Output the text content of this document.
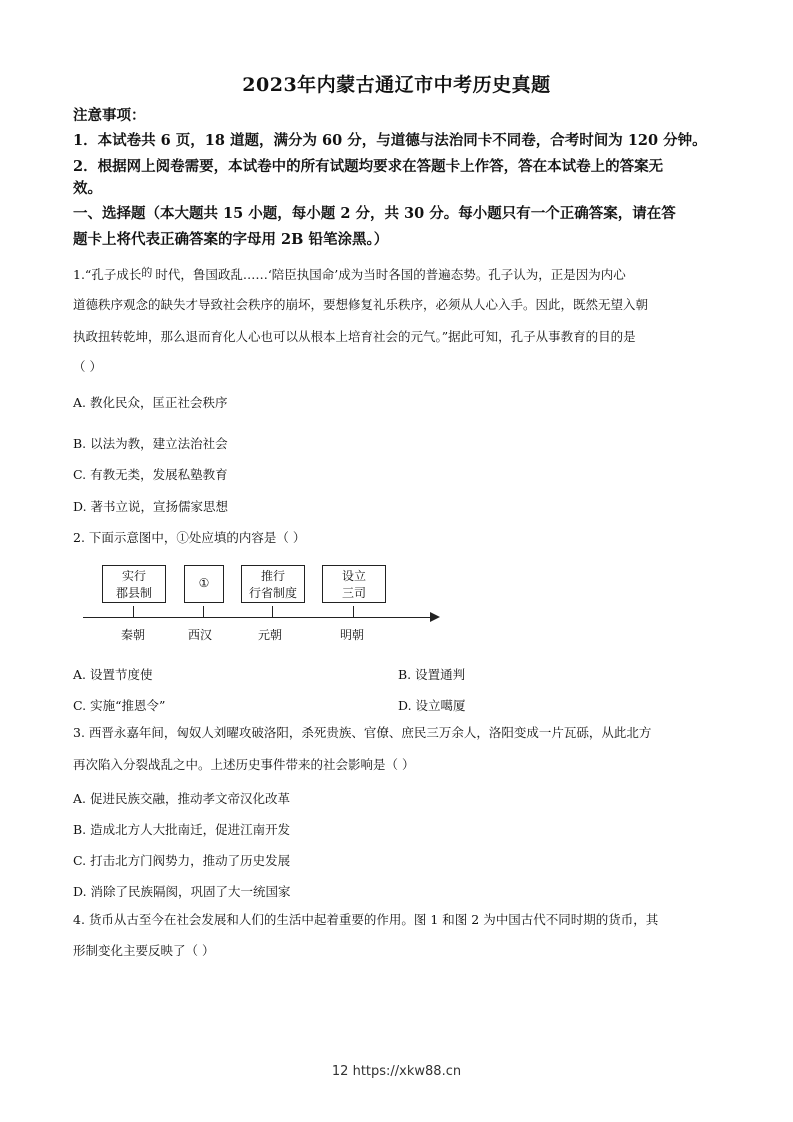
2023年内蒙古通辽市中考历史真题
注意事项：
1．本试卷共 6 页，18 道题，满分为 60 分，与道德与法治同卡不同卷，合考时间为 120 分钟。
2．根据网上阅卷需要，本试卷中的所有试题均要求在答题卡上作答，答在本试卷上的答案无
效。
一、选择题（本大题共 15 小题，每小题 2 分，共 30 分。每小题只有一个正确答案，请在答
题卡上将代表正确答案的字母用 2B 铅笔涂黑。）
1.“孔子成长 的 时代，鲁国政乱……‘陪臣执国命’成为当时各国的普遍态势。孔子认为，正是因为内心
道德秩序观念的缺失才导致社会秩序的崩坏，要想修复礼乐秩序，必须从人心入手。因此，既然无望入朝
执政扭转乾坤，那么退而育化人心也可以从根本上培育社会的元气。”据此可知，孔子从事教育的目的是
（ ）
A. 教化民众，匡正社会秩序
B. 以法为教，建立法治社会
C. 有教无类，发展私塾教育
D. 著书立说，宣扬儒家思想
2. 下面示意图中，①处应填的内容是（ ）
实行
郡县制
①	推行
行省制度
设立
三司
秦朝	西汉	元朝	明朝
A. 设置节度使	B. 设置通判
C. 实施“推恩令”	D. 设立噶厦
3. 西晋永嘉年间，匈奴人刘曜攻破洛阳，杀死贵族、官僚、庶民三万余人，洛阳变成一片瓦砾，从此北方
再次陷入分裂战乱之中。上述历史事件带来的社会影响是（ ）
A. 促进民族交融，推动孝文帝汉化改革
B. 造成北方人大批南迁，促进江南开发
C. 打击北方门阀势力，推动了历史发展
D. 消除了民族隔阂，巩固了大一统国家
4. 货币从古至今在社会发展和人们的生活中起着重要的作用。图 1 和图 2 为中国古代不同时期的货币，其
形制变化主要反映了（ ）
12 https://xkw88.cn
